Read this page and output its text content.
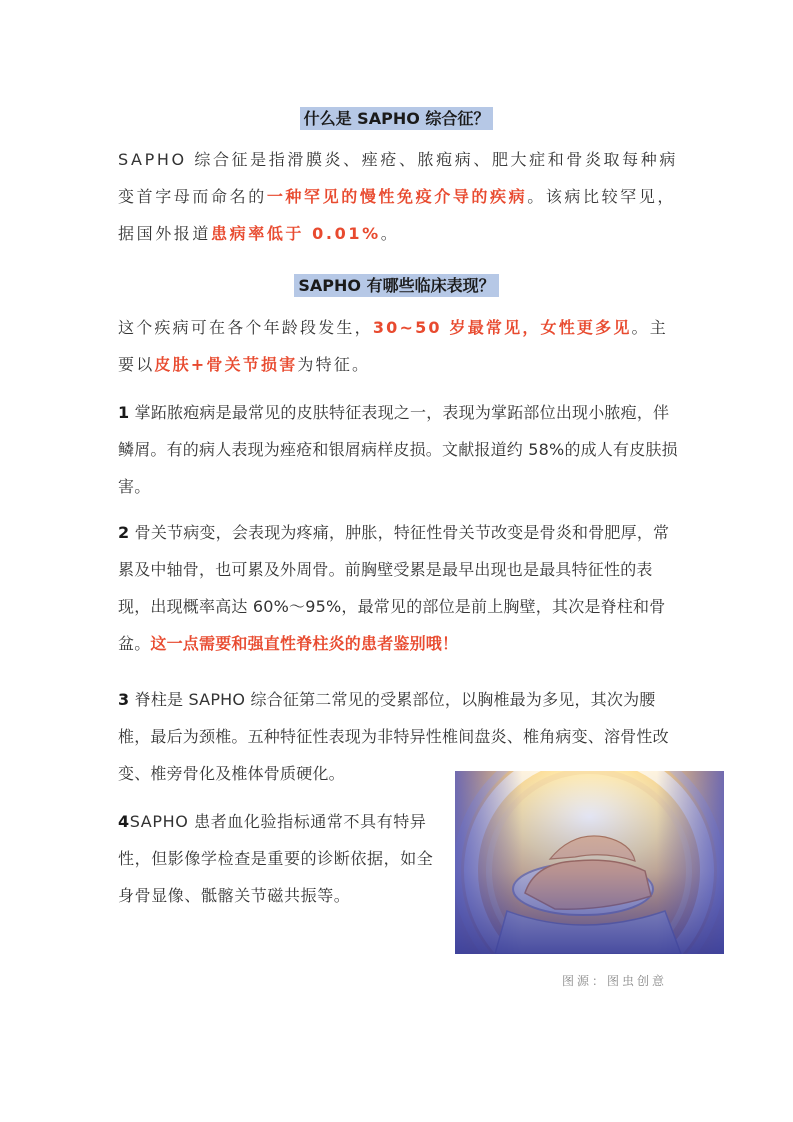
什么是 SAPHO 综合征？
SAPHO 综合征是指滑膜炎、痤疮、脓疱病、肥大症和骨炎取每种病变首字母而命名的一种罕见的慢性免疫介导的疾病。该病比较罕见，据国外报道患病率低于 0.01%。
SAPHO 有哪些临床表现？
这个疾病可在各个年龄段发生，30~50 岁最常见，女性更多见。主要以皮肤+骨关节损害为特征。
1 掌跖脓疱病是最常见的皮肤特征表现之一，表现为掌跖部位出现小脓疱，伴鳞屑。有的病人表现为痤疮和银屑病样皮损。文献报道约 58%的成人有皮肤损害。
2 骨关节病变，会表现为疼痛，肿胀，特征性骨关节改变是骨炎和骨肥厚，常累及中轴骨，也可累及外周骨。前胸壁受累是最早出现也是最具特征性的表现，出现概率高达 60%～95%，最常见的部位是前上胸壁，其次是脊柱和骨盆。这一点需要和强直性脊柱炎的患者鉴别哦！
3 脊柱是 SAPHO 综合征第二常见的受累部位，以胸椎最为多见，其次为腰椎，最后为颈椎。五种特征性表现为非特异性椎间盘炎、椎角病变、溶骨性改变、椎旁骨化及椎体骨质硬化。
4SAPHO 患者血化验指标通常不具有特异性，但影像学检查是重要的诊断依据，如全身骨显像、骶髂关节磁共振等。
图源：图虫创意
